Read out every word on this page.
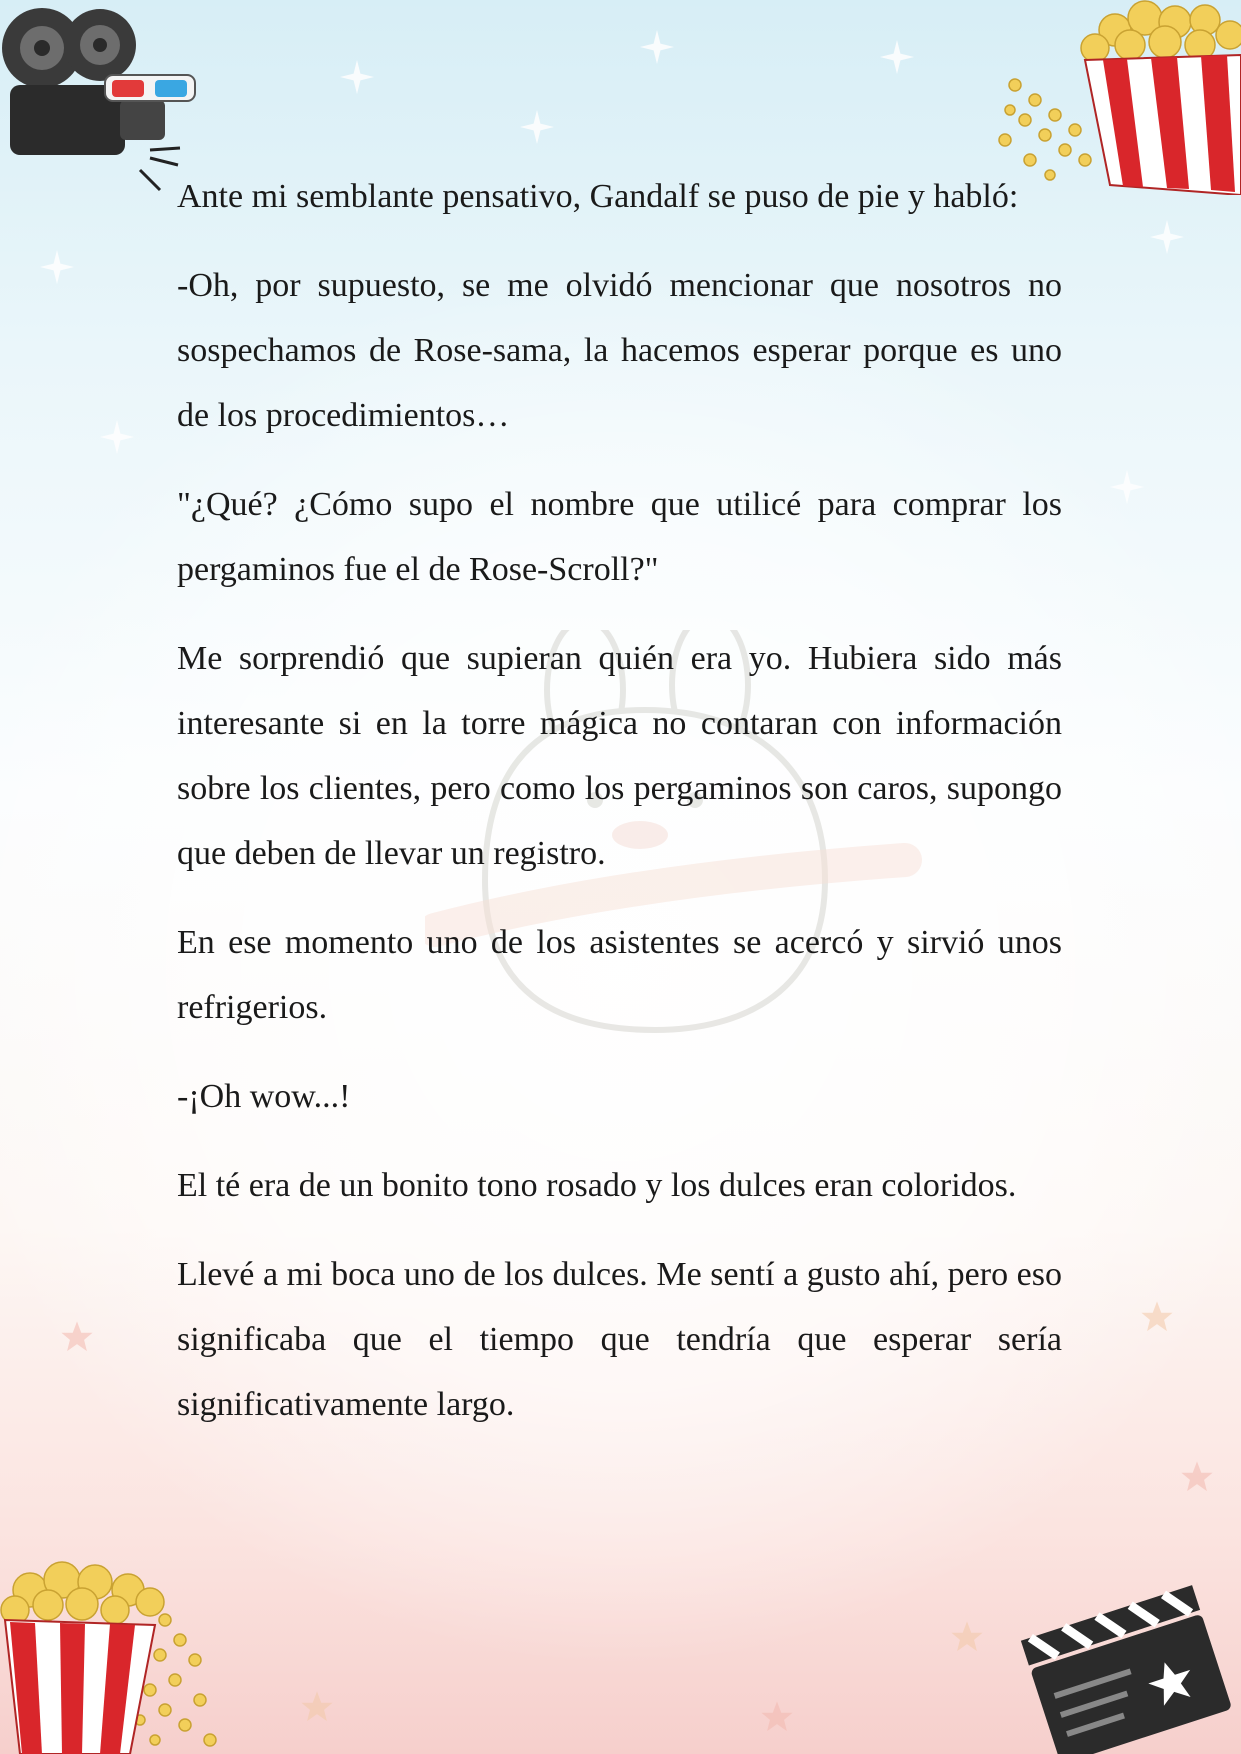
Ante mi semblante pensativo, Gandalf se puso de pie y habló:

-Oh, por supuesto, se me olvidó mencionar que nosotros no sospechamos de Rose-sama, la hacemos esperar porque es uno de los procedimientos…

"¿Qué? ¿Cómo supo el nombre que utilicé para comprar los pergaminos fue el de Rose-Scroll?"

Me sorprendió que supieran quién era yo. Hubiera sido más interesante si en la torre mágica no contaran con información sobre los clientes, pero como los pergaminos son caros, supongo que deben de llevar un registro.

En ese momento uno de los asistentes se acercó y sirvió unos refrigerios.

-¡Oh wow...!

El té era de un bonito tono rosado y los dulces eran coloridos.

Llevé a mi boca uno de los dulces. Me sentí a gusto ahí, pero eso significaba que el tiempo que tendría que esperar sería significativamente largo.
